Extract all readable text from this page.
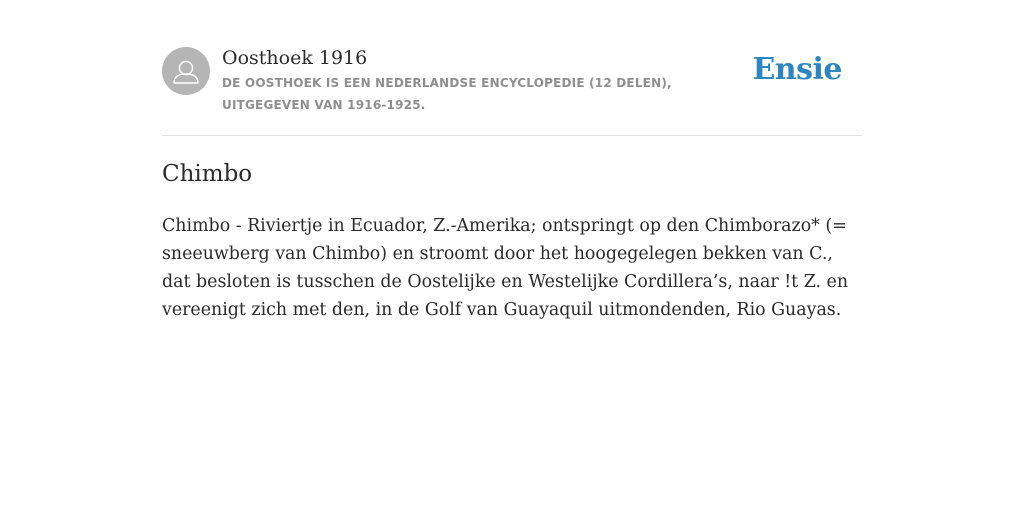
Oosthoek 1916
DE OOSTHOEK IS EEN NEDERLANDSE ENCYCLOPEDIE (12 DELEN), UITGEGEVEN VAN 1916-1925.
Ensie
Chimbo

Chimbo - Riviertje in Ecuador, Z.-Amerika; ontspringt op den Chimborazo* (= sneeuwberg van Chimbo) en stroomt door het hoogegelegen bekken van C., dat besloten is tusschen de Oostelijke en Westelijke Cordillera’s, naar !t Z. en vereenigt zich met den, in de Golf van Guayaquil uitmondenden, Rio Guayas.
